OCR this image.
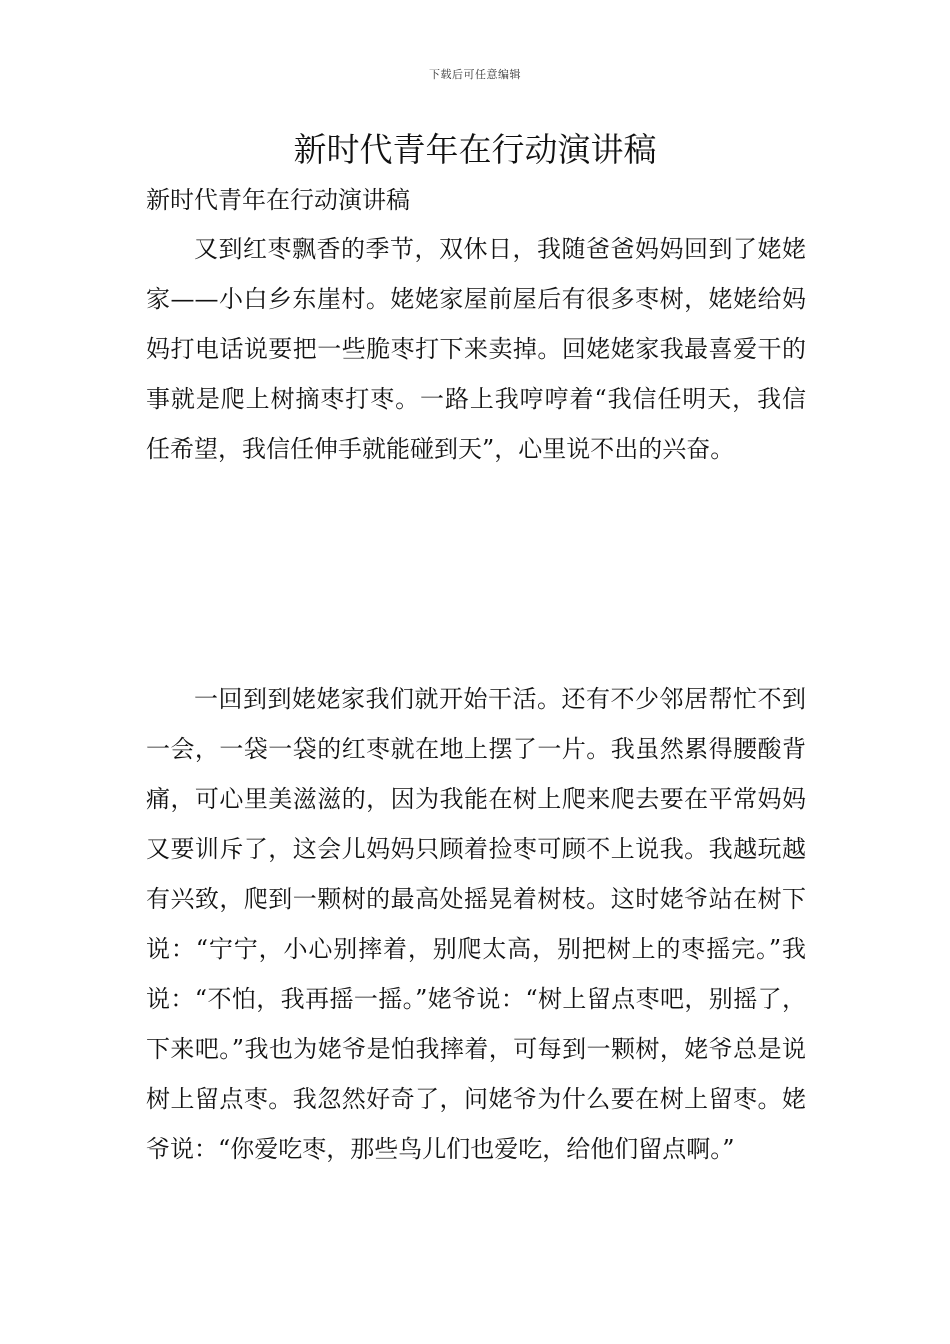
下载后可任意编辑
新时代青年在行动演讲稿

新时代青年在行动演讲稿

又到红枣飘香的季节，双休日，我随爸爸妈妈回到了姥姥家——小白乡东崖村。姥姥家屋前屋后有很多枣树，姥姥给妈妈打电话说要把一些脆枣打下来卖掉。回姥姥家我最喜爱干的事就是爬上树摘枣打枣。一路上我哼哼着“我信任明天，我信任希望，我信任伸手就能碰到天”，心里说不出的兴奋。

一回到到姥姥家我们就开始干活。还有不少邻居帮忙不到一会，一袋一袋的红枣就在地上摆了一片。我虽然累得腰酸背痛，可心里美滋滋的，因为我能在树上爬来爬去要在平常妈妈又要训斥了，这会儿妈妈只顾着捡枣可顾不上说我。我越玩越有兴致，爬到一颗树的最高处摇晃着树枝。这时姥爷站在树下说：“宁宁，小心别摔着，别爬太高，别把树上的枣摇完。”我说：“不怕，我再摇一摇。”姥爷说：“树上留点枣吧，别摇了，下来吧。”我也为姥爷是怕我摔着，可每到一颗树，姥爷总是说树上留点枣。我忽然好奇了，问姥爷为什么要在树上留枣。姥爷说：“你爱吃枣，那些鸟儿们也爱吃，给他们留点啊。”
